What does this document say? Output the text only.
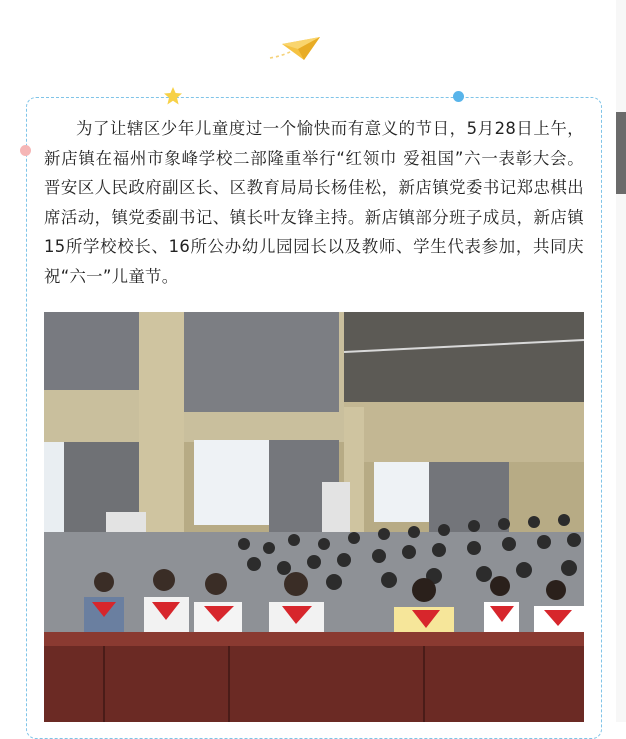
为了让辖区少年儿童度过一个愉快而有意义的节日，5月28日上午，新店镇在福州市象峰学校二部隆重举行“红领巾 爱祖国”六一表彰大会。晋安区人民政府副区长、区教育局局长杨佳松，新店镇党委书记郑忠棋出席活动，镇党委副书记、镇长叶友锋主持。新店镇部分班子成员，新店镇15所学校校长、16所公办幼儿园园长以及教师、学生代表参加，共同庆祝“六一”儿童节。
